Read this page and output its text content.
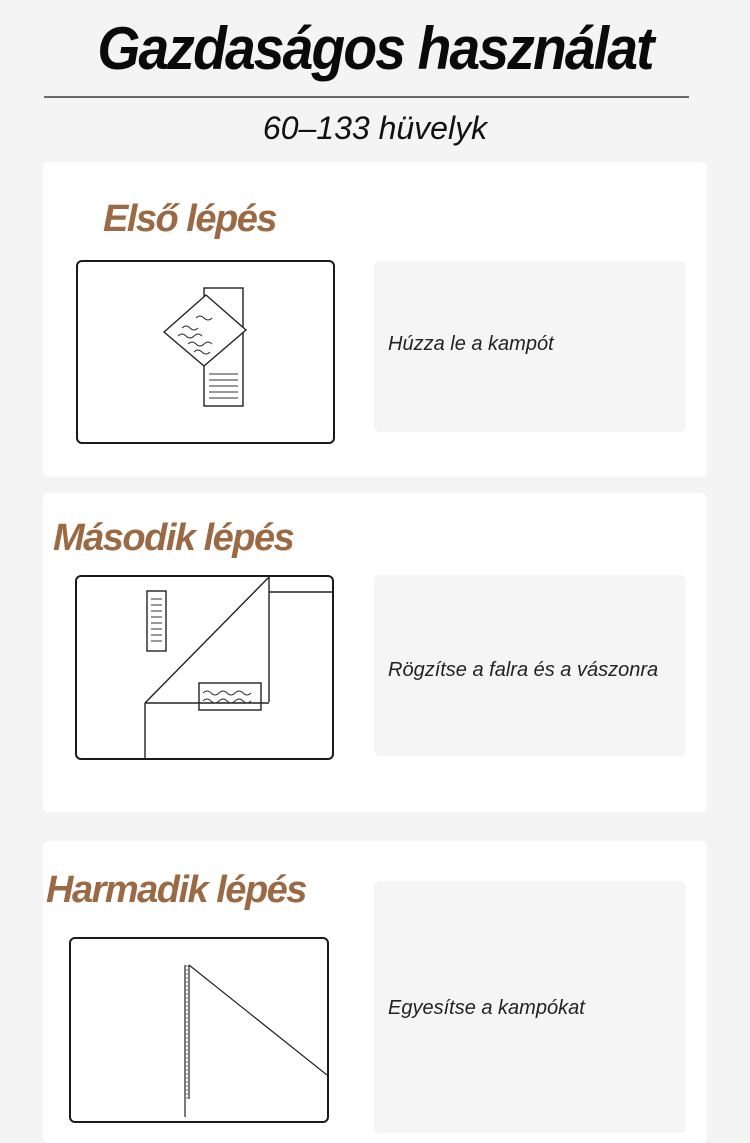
Gazdaságos használat
60–133 hüvelyk
Első lépés
Húzza le a kampót
Második lépés
Rögzítse a falra és a vászonra
Harmadik lépés
Egyesítse a kampókat
